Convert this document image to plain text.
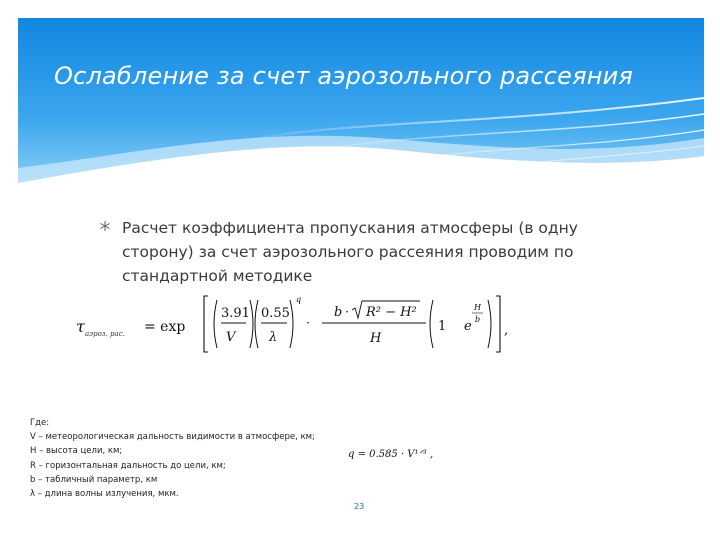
Ослабление за счет аэрозольного рассеяния
Расчет коэффициента пропускания атмосферы (в одну сторону) за счет аэрозольного рассеяния проводим по стандартной методике
τ аэроз. рас. = exp
3.91
V
0.55
λ
q
·
b · R² − H²
H
1 e
H
b
,
Где:
V – метеорологическая дальность видимости в атмосфере, км;
H – высота цели, км;
R – горизонтальная дальность до цели, км;
b – табличный параметр, км
λ – длина волны излучения, мкм.
q = 0.585 · V¹ᐟ³ ,
23
